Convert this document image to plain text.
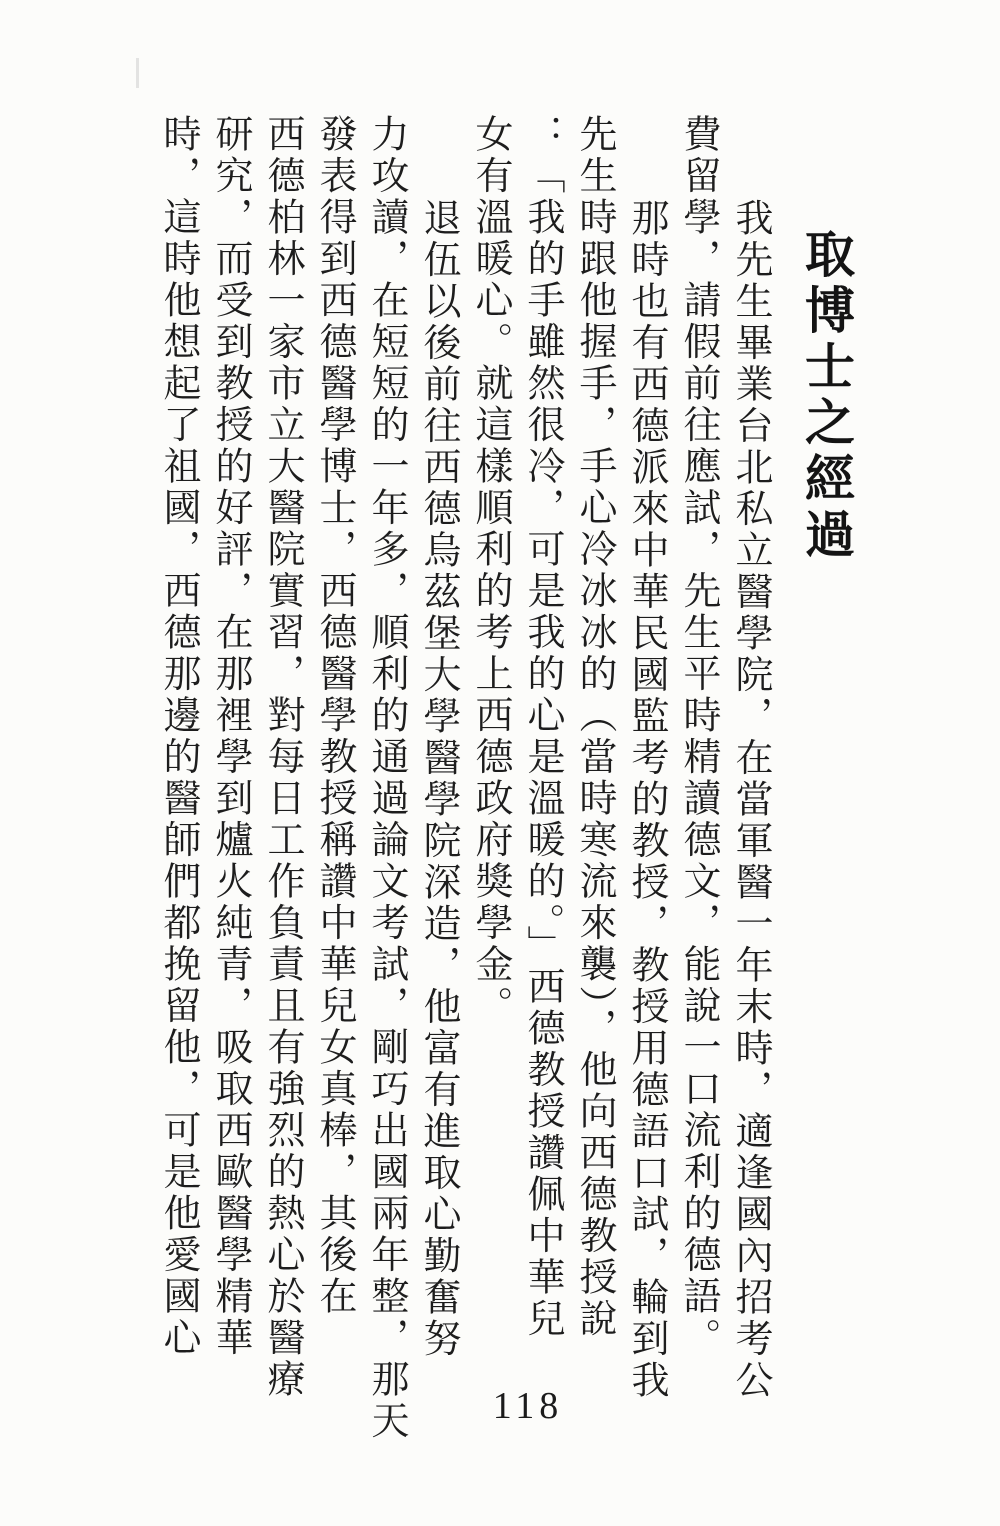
取博士之經過
我先生畢業台北私立醫學院，在當軍醫一年末時，適逢國內招考公
費留學，請假前往應試，先生平時精讀德文，能說一口流利的德語。
那時也有西德派來中華民國監考的教授，教授用德語口試，輪到我
先生時跟他握手，手心冷冰冰的（當時寒流來襲），他向西德教授說
：「我的手雖然很冷，可是我的心是溫暖的。」西德教授讚佩中華兒
女有溫暖心。就這樣順利的考上西德政府獎學金。
退伍以後前往西德烏茲堡大學醫學院深造，他富有進取心勤奮努
力攻讀，在短短的一年多，順利的通過論文考試，剛巧出國兩年整，那天
發表得到西德醫學博士，西德醫學教授稱讚中華兒女真棒，其後在
西德柏林一家市立大醫院實習，對每日工作負責且有強烈的熱心於醫療
研究，而受到教授的好評，在那裡學到爐火純青，吸取西歐醫學精華
時，這時他想起了祖國，西德那邊的醫師們都挽留他，可是他愛國心
118
